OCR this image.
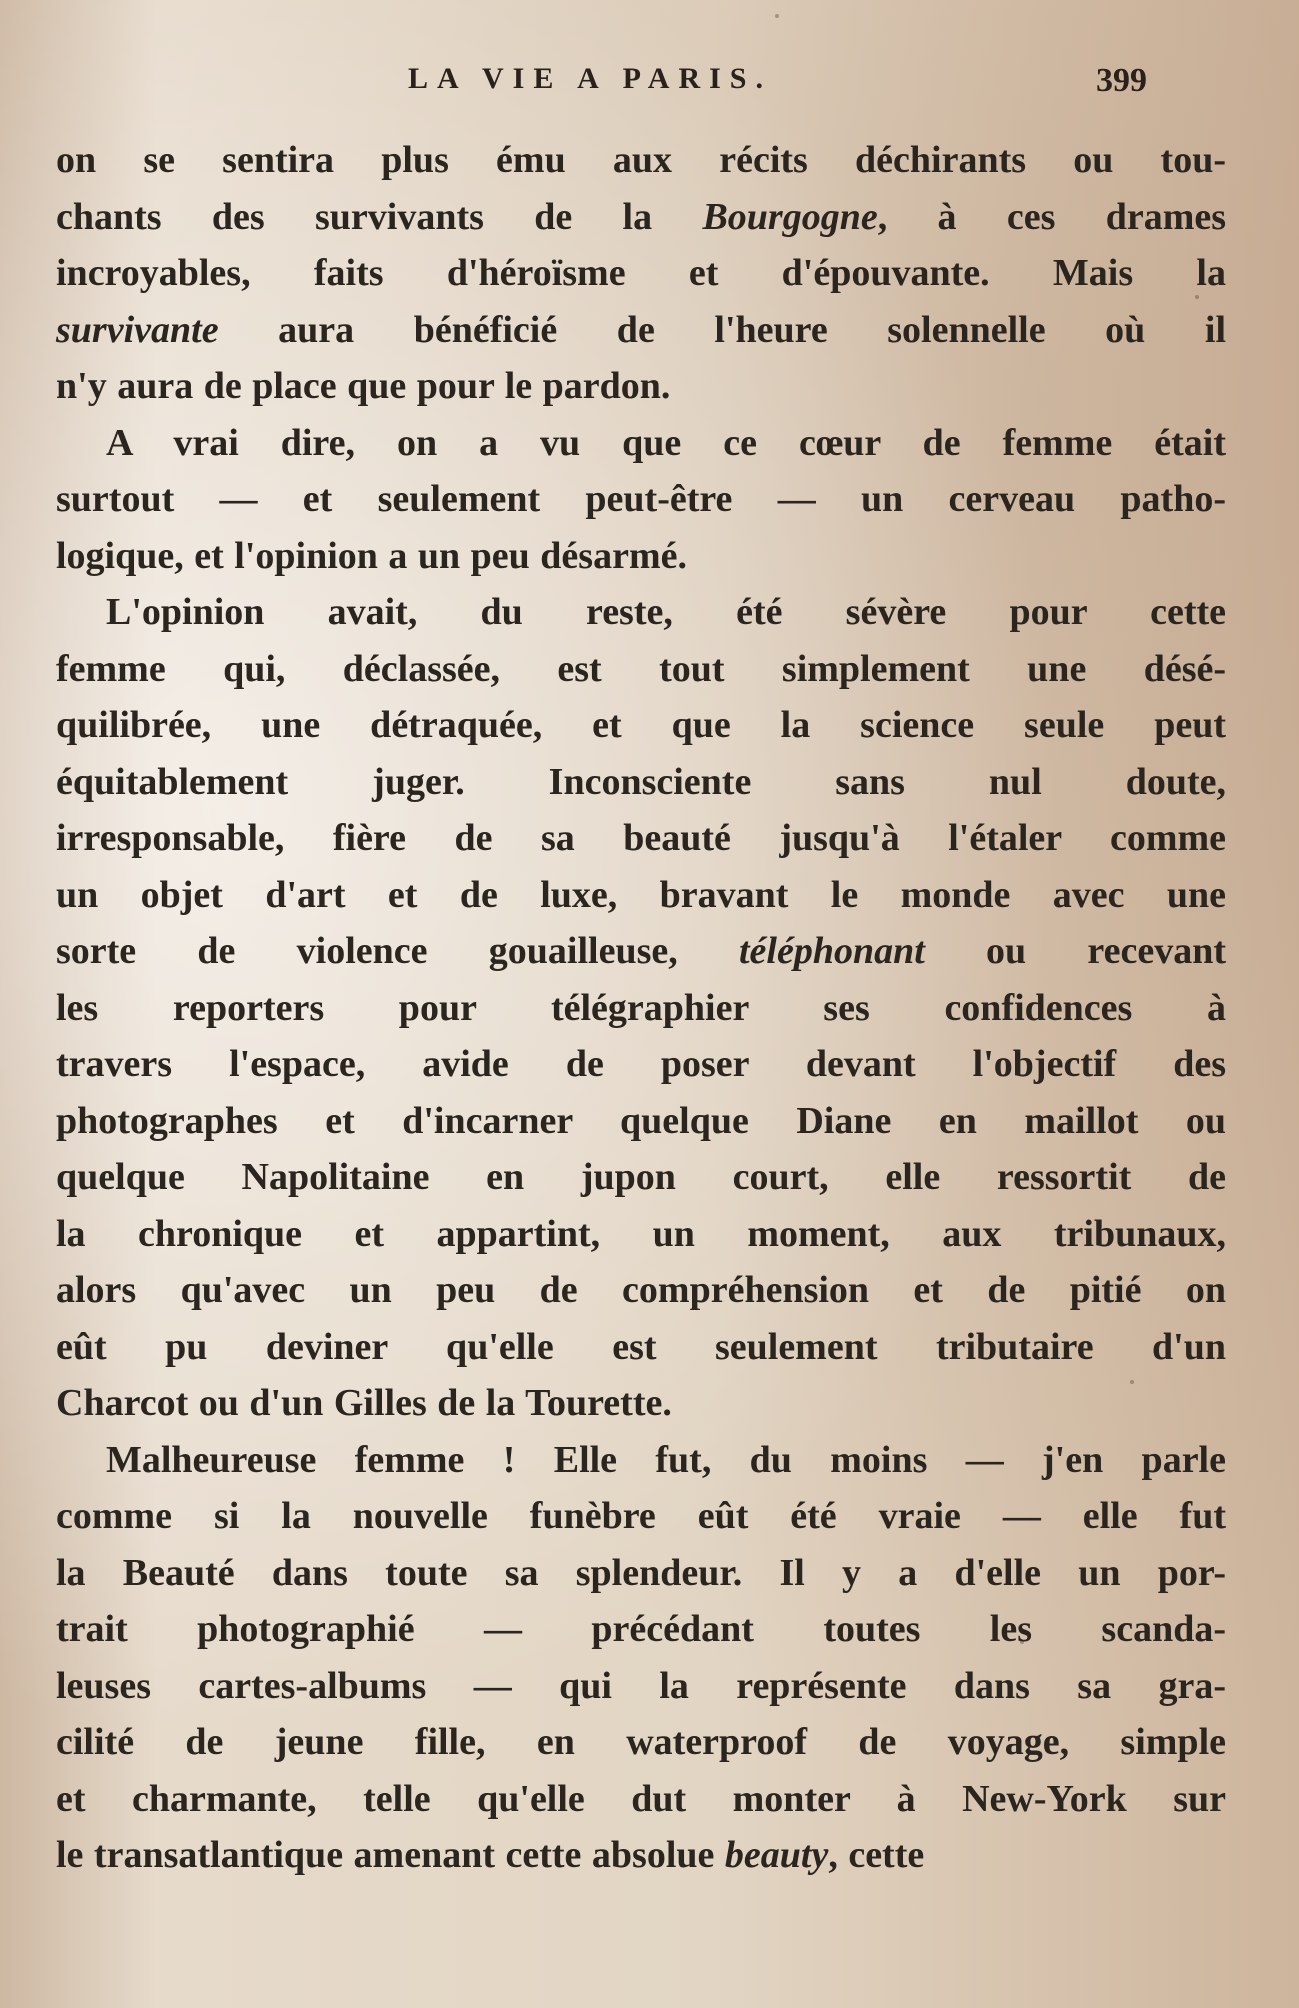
LA VIE A PARIS.	399
on se sentira plus ému aux récits déchirants ou tou-
chants des survivants de la Bourgogne, à ces drames
incroyables, faits d'héroïsme et d'épouvante. Mais la
survivante aura bénéficié de l'heure solennelle où il
n'y aura de place que pour le pardon.
A vrai dire, on a vu que ce cœur de femme était
surtout — et seulement peut-être — un cerveau patho-
logique, et l'opinion a un peu désarmé.
L'opinion avait, du reste, été sévère pour cette
femme qui, déclassée, est tout simplement une désé-
quilibrée, une détraquée, et que la science seule peut
équitablement juger. Inconsciente sans nul doute,
irresponsable, fière de sa beauté jusqu'à l'étaler comme
un objet d'art et de luxe, bravant le monde avec une
sorte de violence gouailleuse, téléphonant ou recevant
les reporters pour télégraphier ses confidences à
travers l'espace, avide de poser devant l'objectif des
photographes et d'incarner quelque Diane en maillot ou
quelque Napolitaine en jupon court, elle ressortit de
la chronique et appartint, un moment, aux tribunaux,
alors qu'avec un peu de compréhension et de pitié on
eût pu deviner qu'elle est seulement tributaire d'un
Charcot ou d'un Gilles de la Tourette.
Malheureuse femme ! Elle fut, du moins — j'en parle
comme si la nouvelle funèbre eût été vraie — elle fut
la Beauté dans toute sa splendeur. Il y a d'elle un por-
trait photographié — précédant toutes les scanda-
leuses cartes-albums — qui la représente dans sa gra-
cilité de jeune fille, en waterproof de voyage, simple
et charmante, telle qu'elle dut monter à New-York sur
le transatlantique amenant cette absolue beauty, cette
